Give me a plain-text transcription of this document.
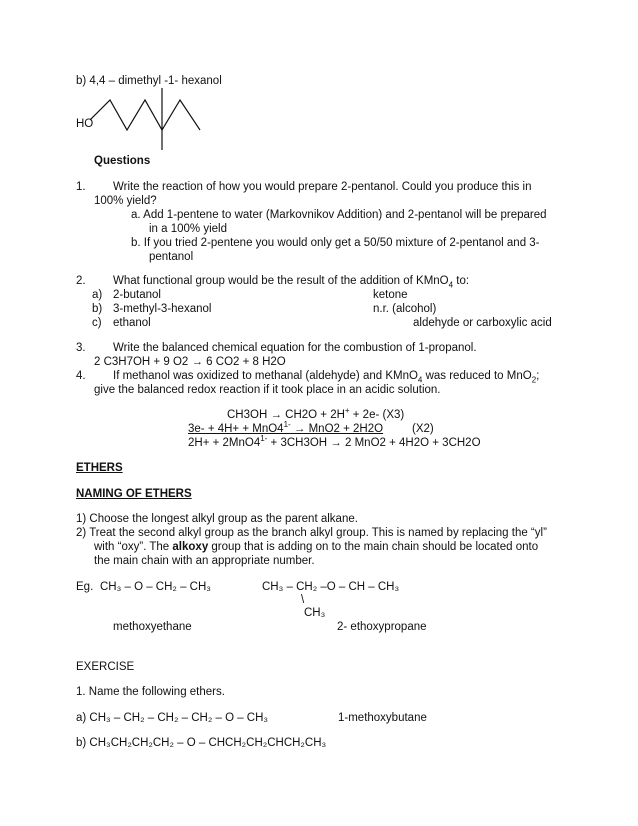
b) 4,4 – dimethyl -1- hexanol
HO
Questions
1. Write the reaction of how you would prepare 2-pentanol. Could you produce this in
100% yield?
a. Add 1-pentene to water (Markovnikov Addition) and 2-pentanol will be prepared
in a 100% yield
b. If you tried 2-pentene you would only get a 50/50 mixture of 2-pentanol and 3-
pentanol
2. What functional group would be the result of the addition of KMnO$_4$ to:
a) 2-butanol	ketone
b) 3-methyl-3-hexanol	n.r. (alcohol)
c) ethanol	aldehyde or carboxylic acid
3. Write the balanced chemical equation for the combustion of 1-propanol.
2 C3H7OH + 9 O2 → 6 CO2 + 8 H2O
4. If methanol was oxidized to methanal (aldehyde) and KMnO$_4$ was reduced to MnO$_2$;
give the balanced redox reaction if it took place in an acidic solution.
CH3OH → CH2O + 2H+ + 2e- (X3)
$3e- + 4H+ + MnO4^{1-} \to MnO2 + 2H2O$	(X2)
$2H+ + 2MnO4^{1-} + 3CH3OH \to 2$ MnO2 + 4H2O + 3CH2O
ETHERS
NAMING OF ETHERS
1) Choose the longest alkyl group as the parent alkane.
2) Treat the second alkyl group as the branch alkyl group. This is named by replacing the “yl”
with “oxy”. The alkoxy group that is adding on to the main chain should be located onto
the main chain with an appropriate number.
Eg. CH₃ – O – CH₂ – CH₃	CH₃ – CH₂ –O – CH – CH₃
\
CH₃
methoxyethane	2- ethoxypropane
EXERCISE
1. Name the following ethers.
a) CH₃ – CH₂ – CH₂ – CH₂ – O – CH₃	1-methoxybutane
b) CH₃CH₂CH₂CH₂ – O – CHCH₂CH₂CHCH₂CH₃
